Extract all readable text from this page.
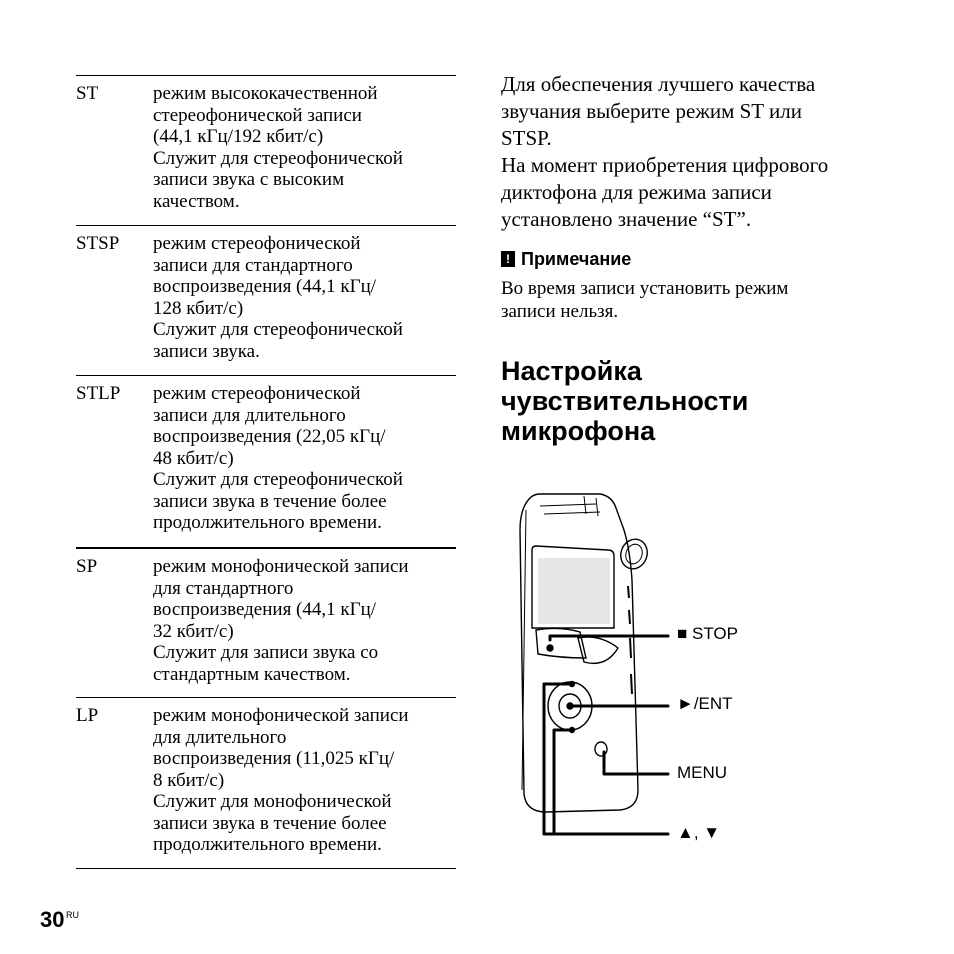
ST	режим высококачественной
стереофонической записи
(44,1 кГц/192 кбит/с)
Служит для стереофонической
записи звука с высоким
качеством.
STSP режим стереофонической
записи для стандартного
воспроизведения (44,1 кГц/
128 кбит/с)
Служит для стереофонической
записи звука.
STLP режим стереофонической
записи для длительного
воспроизведения (22,05 кГц/
48 кбит/с)
Служит для стереофонической
записи звука в течение более
продолжительного времени.
SP	режим монофонической записи
для стандартного
воспроизведения (44,1 кГц/
32 кбит/с)
Служит для записи звука со
стандартным качеством.
LP	режим монофонической записи
для длительного
воспроизведения (11,025 кГц/
8 кбит/с)
Служит для монофонической
записи звука в течение более
продолжительного времени.
Для обеспечения лучшего качества
звучания выберите режим ST или
STSP.
На момент приобретения цифрового
диктофона для режима записи
установлено значение “ST”.
! Примечание
Во время записи установить режим
записи нельзя.
Настройка
чувствительности
микрофона
■ STOP
►/ENT
MENU
▲, ▼
30 RU
